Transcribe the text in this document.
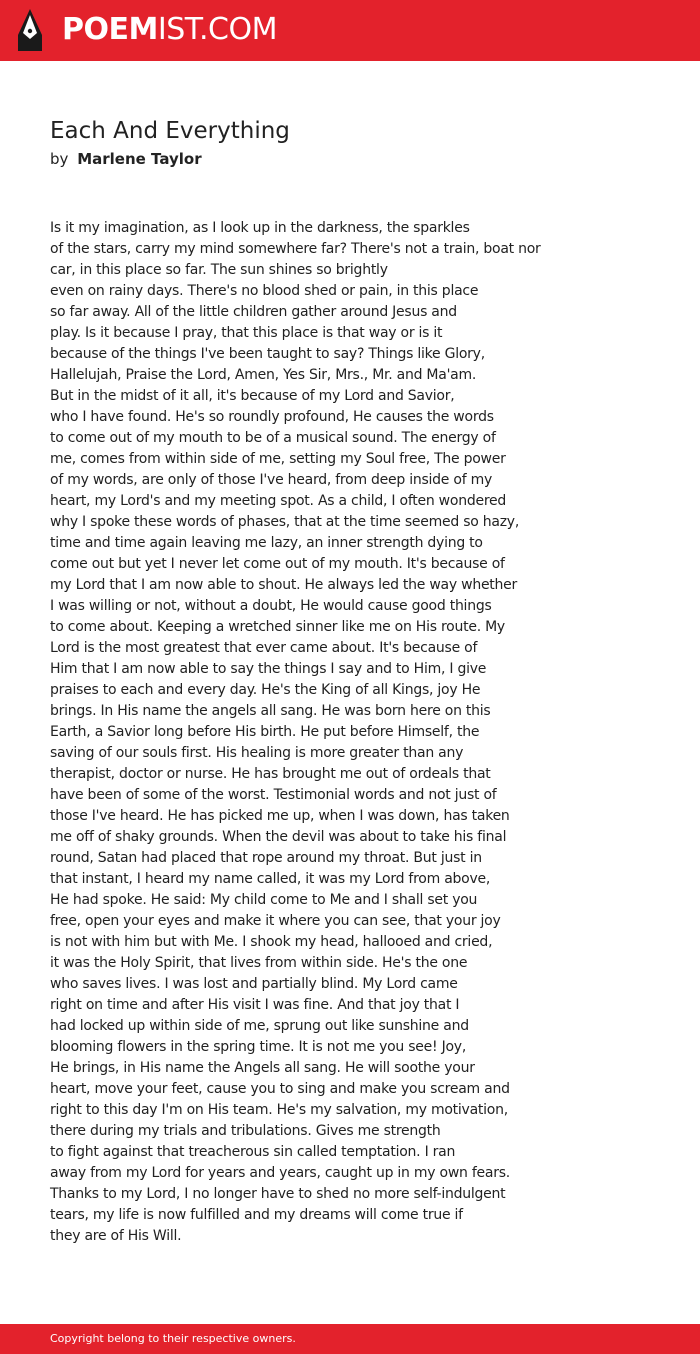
POEMIST.COM
Each And Everything
by Marlene Taylor
Is it my imagination, as I look up in the darkness, the sparkles
of the stars, carry my mind somewhere far? There's not a train, boat nor
car, in this place so far. The sun shines so brightly
even on rainy days. There's no blood shed or pain, in this place
so far away. All of the little children gather around Jesus and
play. Is it because I pray, that this place is that way or is it
because of the things I've been taught to say? Things like Glory,
Hallelujah, Praise the Lord, Amen, Yes Sir, Mrs., Mr. and Ma'am.
But in the midst of it all, it's because of my Lord and Savior,
who I have found. He's so roundly profound, He causes the words
to come out of my mouth to be of a musical sound. The energy of
me, comes from within side of me, setting my Soul free, The power
of my words, are only of those I've heard, from deep inside of my
heart, my Lord's and my meeting spot. As a child, I often wondered
why I spoke these words of phases, that at the time seemed so hazy,
time and time again leaving me lazy, an inner strength dying to
come out but yet I never let come out of my mouth. It's because of
my Lord that I am now able to shout. He always led the way whether
I was willing or not, without a doubt, He would cause good things
to come about. Keeping a wretched sinner like me on His route. My
Lord is the most greatest that ever came about. It's because of
Him that I am now able to say the things I say and to Him, I give
praises to each and every day. He's the King of all Kings, joy He
brings. In His name the angels all sang. He was born here on this
Earth, a Savior long before His birth. He put before Himself, the
saving of our souls first. His healing is more greater than any
therapist, doctor or nurse. He has brought me out of ordeals that
have been of some of the worst. Testimonial words and not just of
those I've heard. He has picked me up, when I was down, has taken
me off of shaky grounds. When the devil was about to take his final
round, Satan had placed that rope around my throat. But just in
that instant, I heard my name called, it was my Lord from above,
He had spoke. He said: My child come to Me and I shall set you
free, open your eyes and make it where you can see, that your joy
is not with him but with Me. I shook my head, hallooed and cried,
it was the Holy Spirit, that lives from within side. He's the one
who saves lives. I was lost and partially blind. My Lord came
right on time and after His visit I was fine. And that joy that I
had locked up within side of me, sprung out like sunshine and
blooming flowers in the spring time. It is not me you see! Joy,
He brings, in His name the Angels all sang. He will soothe your
heart, move your feet, cause you to sing and make you scream and
right to this day I'm on His team. He's my salvation, my motivation,
there during my trials and tribulations. Gives me strength
to fight against that treacherous sin called temptation. I ran
away from my Lord for years and years, caught up in my own fears.
Thanks to my Lord, I no longer have to shed no more self-indulgent
tears, my life is now fulfilled and my dreams will come true if
they are of His Will.
Copyright belong to their respective owners.
